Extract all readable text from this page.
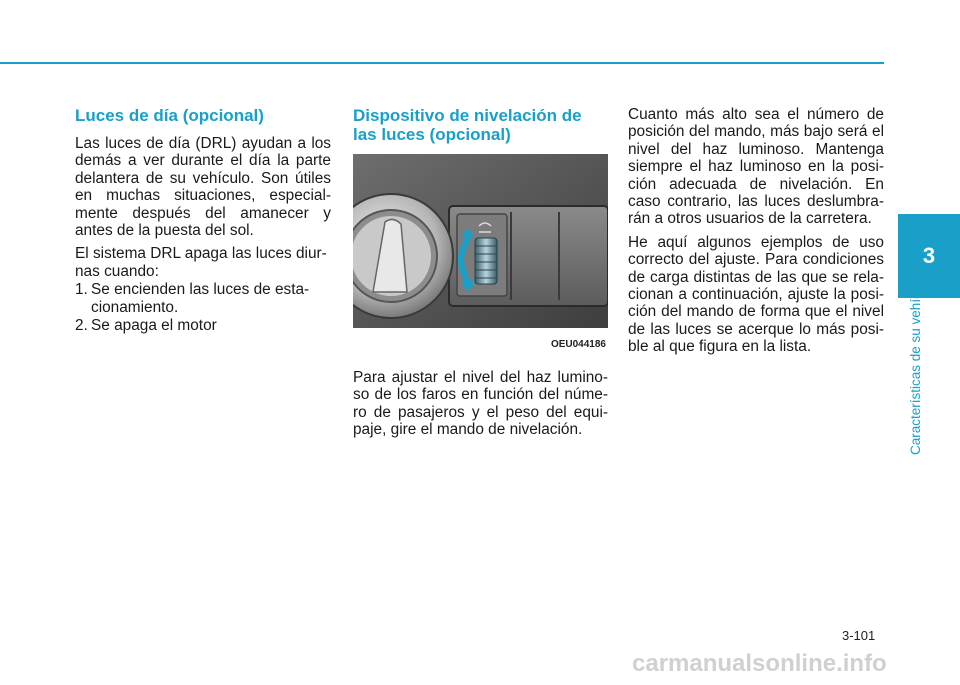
Luces de día (opcional)

Las luces de día (DRL) ayudan a los demás a ver durante el día la parte delantera de su vehículo. Son útiles en muchas situaciones, especial- mente después del amanecer y antes de la puesta del sol.

El sistema DRL apaga las luces diur- nas cuando:

1. Se encienden las luces de esta- cionamiento.
2. Se apaga el motor
Dispositivo de nivelación de las luces (opcional)
OEU044186

Para ajustar el nivel del haz lumino- so de los faros en función del núme- ro de pasajeros y el peso del equi- paje, gire el mando de nivelación.

Cuanto más alto sea el número de posición del mando, más bajo será el nivel del haz luminoso. Mantenga siempre el haz luminoso en la posi- ción adecuada de nivelación. En caso contrario, las luces deslumbra- rán a otros usuarios de la carretera.

He aquí algunos ejemplos de uso correcto del ajuste. Para condiciones de carga distintas de las que se rela- cionan a continuación, ajuste la posi- ción del mando de forma que el nivel de las luces se acerque lo más posi- ble al que figura en la lista.

3
Características de su vehículo
3-101
carmanualsonline.info
